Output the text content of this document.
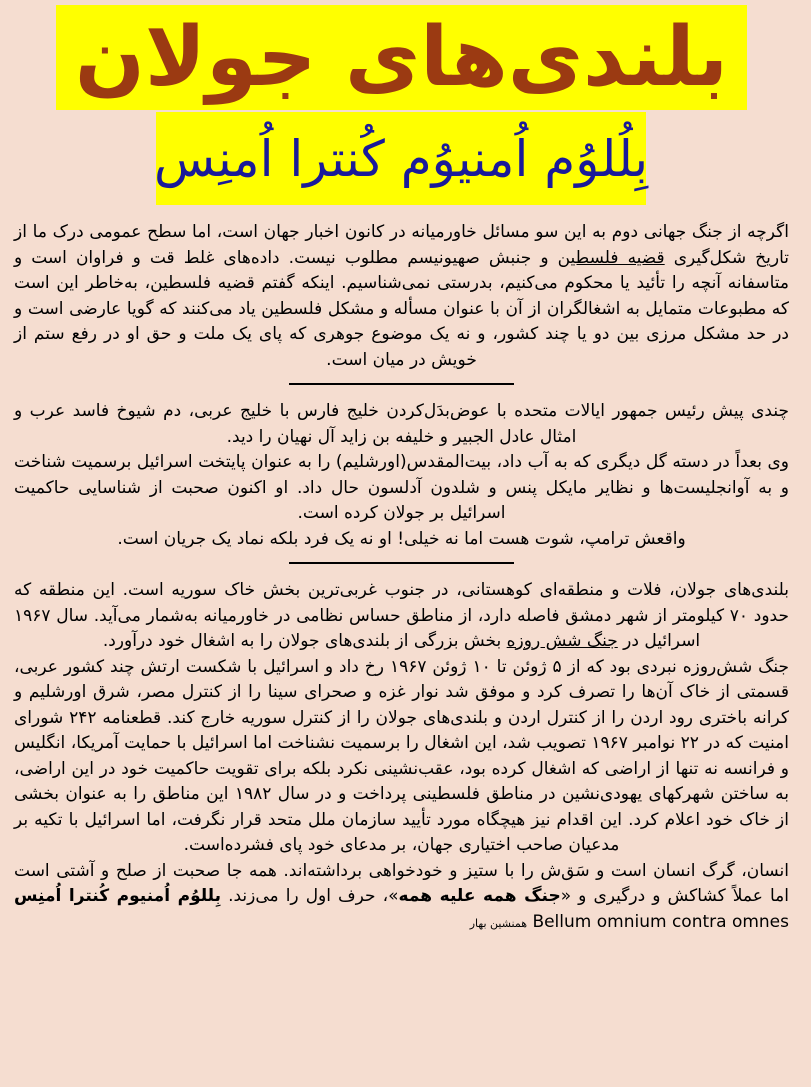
بلندی‌های جولان
بِلُلوُم اُمنیوُم کُنترا اُمنِس

اگرچه از جنگ جهانی دوم به این سو مسائل خاورمیانه در کانون اخبار جهان است، اما سطح عمومی درک ما از تاریخ شکل‌گیری قضیه فلسطین و جنبش صهیونیسم مطلوب نیست. داده‌های غلط قت و فراوان است و متاسفانه آنچه را تأئید یا محکوم می‌کنیم، بدرستی نمی‌شناسیم. اینکه گفتم قضیه فلسطین، به‌خاطر این است که مطبوعات متمایل به اشغالگران از آن با عنوان مسأله و مشکل فلسطین یاد می‌کنند که گویا عارضی است و در حد مشکل مرزی بین دو یا چند کشور، و نه یک موضوع جوهری که پای یک ملت و حق او در رفع ستم از خویش در میان است.

چندی پیش رئیس جمهور ایالات متحده با عوض‌بدَل‌کردن خلیج فارس با خلیج عربی، دم شیوخ فاسد عرب و امثال عادل الجبیر و خلیفه بن زاید آل نهیان را دید.

وی بعداً در دسته گل دیگری که به آب داد، بیت‌المقدس(اورشلیم) را به عنوان پایتخت اسرائیل برسمیت شناخت و به آوانجلیست‌ها و نظایر مایکل پنس و شلدون آدلسون حال داد. او اکنون صحبت از شناسایی حاکمیت اسرائیل بر جولان کرده است.

واقعش ترامپ، شوت هست اما نه خیلی! او نه یک فرد بلکه نماد یک جریان است.

بلندی‌های جولان، فلات و منطقه‌ای کوهستانی، در جنوب غربی‌ترین بخش خاک سوریه است. این منطقه که حدود ۷۰ کیلومتر از شهر دمشق فاصله دارد، از مناطق حساس نظامی در خاورمیانه به‌شمار می‌آید. سال ۱۹۶۷ اسرائیل در جنگ شش روزه بخش بزرگی از بلندی‌های جولان را به اشغال خود درآورد.

جنگ شش‌روزه نبردی بود که از ۵ ژوئن تا ۱۰ ژوئن ۱۹۶۷ رخ داد و اسرائیل با شکست ارتش چند کشور عربی، قسمتی از خاک آن‌ها را تصرف کرد و موفق شد نوار غزه و صحرای سینا را از کنترل مصر، شرق اورشلیم و کرانه باختری رود اردن را از کنترل اردن و بلندی‌های جولان را از کنترل سوریه خارج کند. قطعنامه ۲۴۲ شورای امنیت که در ۲۲ نوامبر ۱۹۶۷ تصویب شد، این اشغال را برسمیت نشناخت اما اسرائیل با حمایت آمریکا، انگلیس و فرانسه نه تنها از اراضی که اشغال کرده بود، عقب‌نشینی نکرد بلکه برای تقویت حاکمیت خود در این اراضی، به ساختن شهرکهای یهودی‌نشین در مناطق فلسطینی پرداخت و در سال ۱۹۸۲ این مناطق را به عنوان بخشی از خاک خود اعلام کرد. این اقدام نیز هیچگاه مورد تأیید سازمان ملل متحد قرار نگرفت، اما اسرائیل با تکیه بر مدعیان صاحب اختیاری جهان، بر مدعای خود پای فشرده‌است.

انسان، گرگ انسان است و سَق‌ش را با ستیز و خودخواهی برداشته‌اند. همه جا صحبت از صلح و آشتی است اما عملاً کشاکش و درگیری و «جنگ همه علیه همه»، حرف اول را می‌زند. بِللوُم اُمنیوم کُنترا اُمنِس Bellum omnium contra omnes همنشین بهار
